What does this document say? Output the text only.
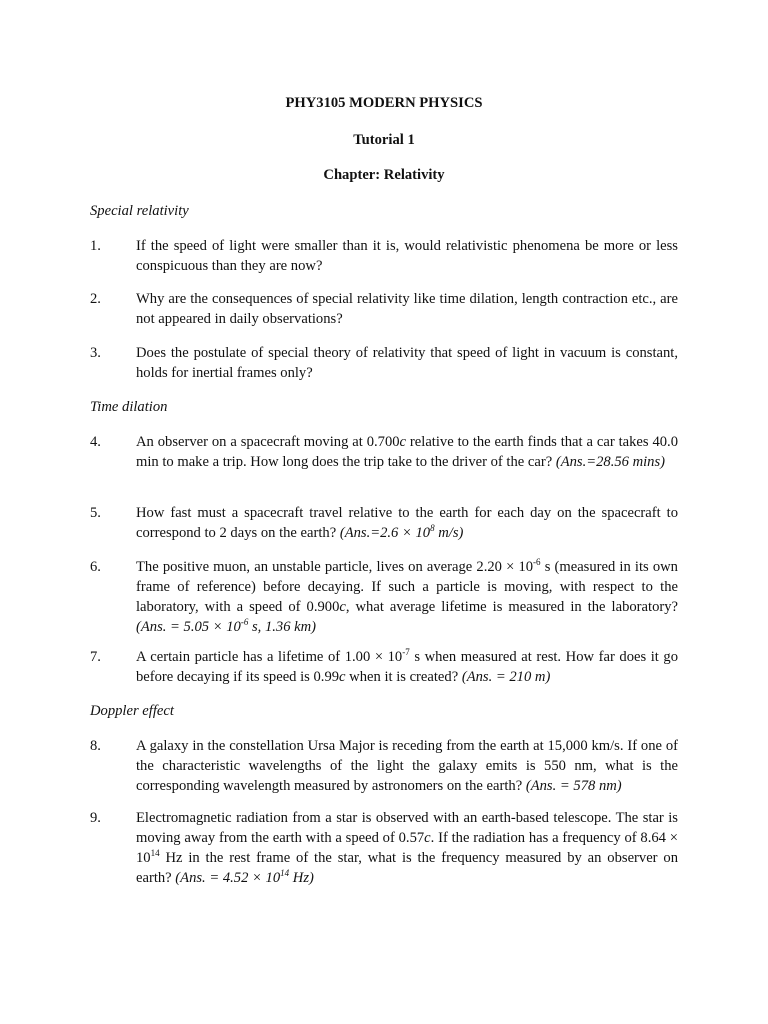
PHY3105 MODERN PHYSICS

Tutorial 1

Chapter: Relativity

Special relativity

1. If the speed of light were smaller than it is, would relativistic phenomena be more or less conspicuous than they are now?
2. Why are the consequences of special relativity like time dilation, length contraction etc., are not appeared in daily observations?
3. Does the postulate of special theory of relativity that speed of light in vacuum is constant, holds for inertial frames only?

Time dilation

4. An observer on a spacecraft moving at 0.700c relative to the earth finds that a car takes 40.0 min to make a trip. How long does the trip take to the driver of the car? (Ans.=28.56 mins)
5. How fast must a spacecraft travel relative to the earth for each day on the spacecraft to correspond to 2 days on the earth? ($Ans.=2.6 \times 10^8$ m/s)
6. The positive muon, an unstable particle, lives on average $2.20 \times 10^{-6}$ s (measured in its own frame of reference) before decaying. If such a particle is moving, with respect to the laboratory, with a speed of 0.900c, what average lifetime is measured in the laboratory? (Ans. = $5.05 \times 10^{-6}$ s, 1.36 km)
7. A certain particle has a lifetime of $1.00 \times 10^{-7}$ s when measured at rest. How far does it go before decaying if its speed is 0.99c when it is created? (Ans. = 210 m)

Doppler effect

8. A galaxy in the constellation Ursa Major is receding from the earth at 15,000 km/s. If one of the characteristic wavelengths of the light the galaxy emits is 550 nm, what is the corresponding wavelength measured by astronomers on the earth? (Ans. = 578 nm)
9. Electromagnetic radiation from a star is observed with an earth-based telescope. The star is moving away from the earth with a speed of 0.57c. If the radiation has a frequency of $8.64 \times 10^{14}$ Hz in the rest frame of the star, what is the frequency measured by an observer on earth? (Ans. = $4.52 \times 10^{14}$ Hz)
